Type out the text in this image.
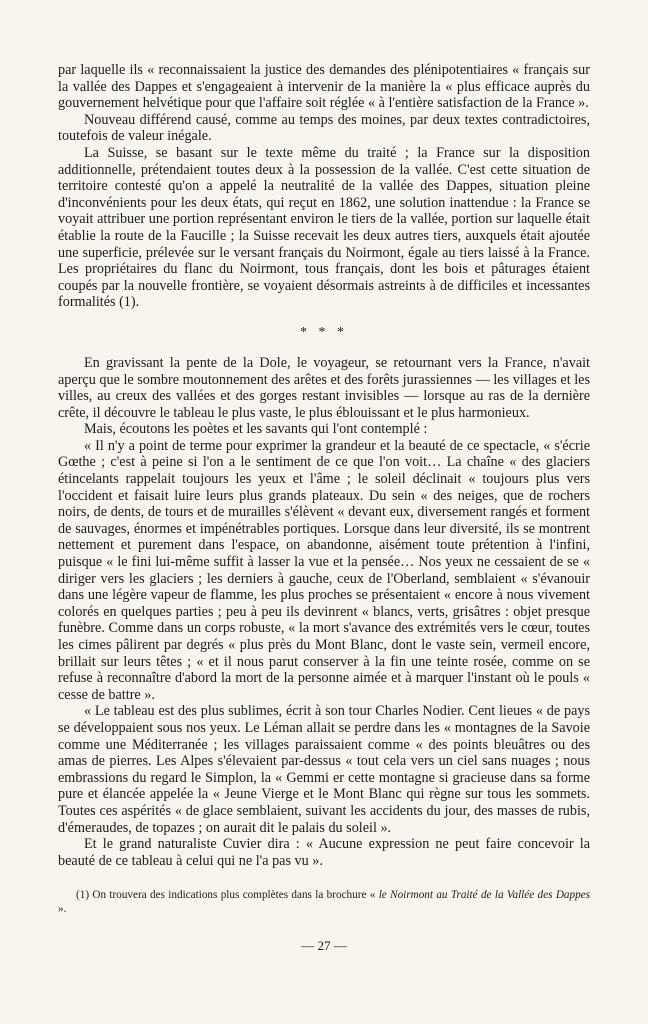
par laquelle ils « reconnaissaient la justice des demandes des plénipotentiaires « français sur la vallée des Dappes et s'engageaient à intervenir de la manière la « plus efficace auprès du gouvernement helvétique pour que l'affaire soit réglée « à l'entière satisfaction de la France ».

Nouveau différend causé, comme au temps des moines, par deux textes contradictoires, toutefois de valeur inégale.

La Suisse, se basant sur le texte même du traité ; la France sur la disposition additionnelle, prétendaient toutes deux à la possession de la vallée. C'est cette situation de territoire contesté qu'on a appelé la neutralité de la vallée des Dappes, situation pleine d'inconvénients pour les deux états, qui reçut en 1862, une solution inattendue : la France se voyait attribuer une portion représentant environ le tiers de la vallée, portion sur laquelle était établie la route de la Faucille ; la Suisse recevait les deux autres tiers, auxquels était ajoutée une superficie, prélevée sur le versant français du Noirmont, égale au tiers laissé à la France. Les propriétaires du flanc du Noirmont, tous français, dont les bois et pâturages étaient coupés par la nouvelle frontière, se voyaient désormais astreints à de difficiles et incessantes formalités (1).

* * *

En gravissant la pente de la Dole, le voyageur, se retournant vers la France, n'avait aperçu que le sombre moutonnement des arêtes et des forêts jurassiennes — les villages et les villes, au creux des vallées et des gorges restant invisibles — lorsque au ras de la dernière crête, il découvre le tableau le plus vaste, le plus éblouissant et le plus harmonieux.

Mais, écoutons les poètes et les savants qui l'ont contemplé :

« Il n'y a point de terme pour exprimer la grandeur et la beauté de ce spectacle, « s'écrie Gœthe ; c'est à peine si l'on a le sentiment de ce que l'on voit… La chaîne « des glaciers étincelants rappelait toujours les yeux et l'âme ; le soleil déclinait « toujours plus vers l'occident et faisait luire leurs plus grands plateaux. Du sein « des neiges, que de rochers noirs, de dents, de tours et de murailles s'élèvent « devant eux, diversement rangés et forment de sauvages, énormes et impénétrables portiques. Lorsque dans leur diversité, ils se montrent nettement et purement dans l'espace, on abandonne, aisément toute prétention à l'infini, puisque « le fini lui-même suffit à lasser la vue et la pensée… Nos yeux ne cessaient de se « diriger vers les glaciers ; les derniers à gauche, ceux de l'Oberland, semblaient « s'évanouir dans une légère vapeur de flamme, les plus proches se présentaient « encore à nous vivement colorés en quelques parties ; peu à peu ils devinrent « blancs, verts, grisâtres : objet presque funèbre. Comme dans un corps robuste, « la mort s'avance des extrémités vers le cœur, toutes les cimes pâlirent par degrés « plus près du Mont Blanc, dont le vaste sein, vermeil encore, brillait sur leurs têtes ; « et il nous parut conserver à la fin une teinte rosée, comme on se refuse à reconnaître d'abord la mort de la personne aimée et à marquer l'instant où le pouls « cesse de battre ».

« Le tableau est des plus sublimes, écrit à son tour Charles Nodier. Cent lieues « de pays se développaient sous nos yeux. Le Léman allait se perdre dans les « montagnes de la Savoie comme une Méditerranée ; les villages paraissaient comme « des points bleuâtres ou des amas de pierres. Les Alpes s'élevaient par-dessus « tout cela vers un ciel sans nuages ; nous embrassions du regard le Simplon, la « Gemmi er cette montagne si gracieuse dans sa forme pure et élancée appelée la « Jeune Vierge et le Mont Blanc qui règne sur tous les sommets. Toutes ces aspérités « de glace semblaient, suivant les accidents du jour, des masses de rubis, d'émeraudes, de topazes ; on aurait dit le palais du soleil ».

Et le grand naturaliste Cuvier dira : « Aucune expression ne peut faire concevoir la beauté de ce tableau à celui qui ne l'a pas vu ».

(1) On trouvera des indications plus complètes dans la brochure « le Noirmont au Traité de la Vallée des Dappes ».
— 27 —
